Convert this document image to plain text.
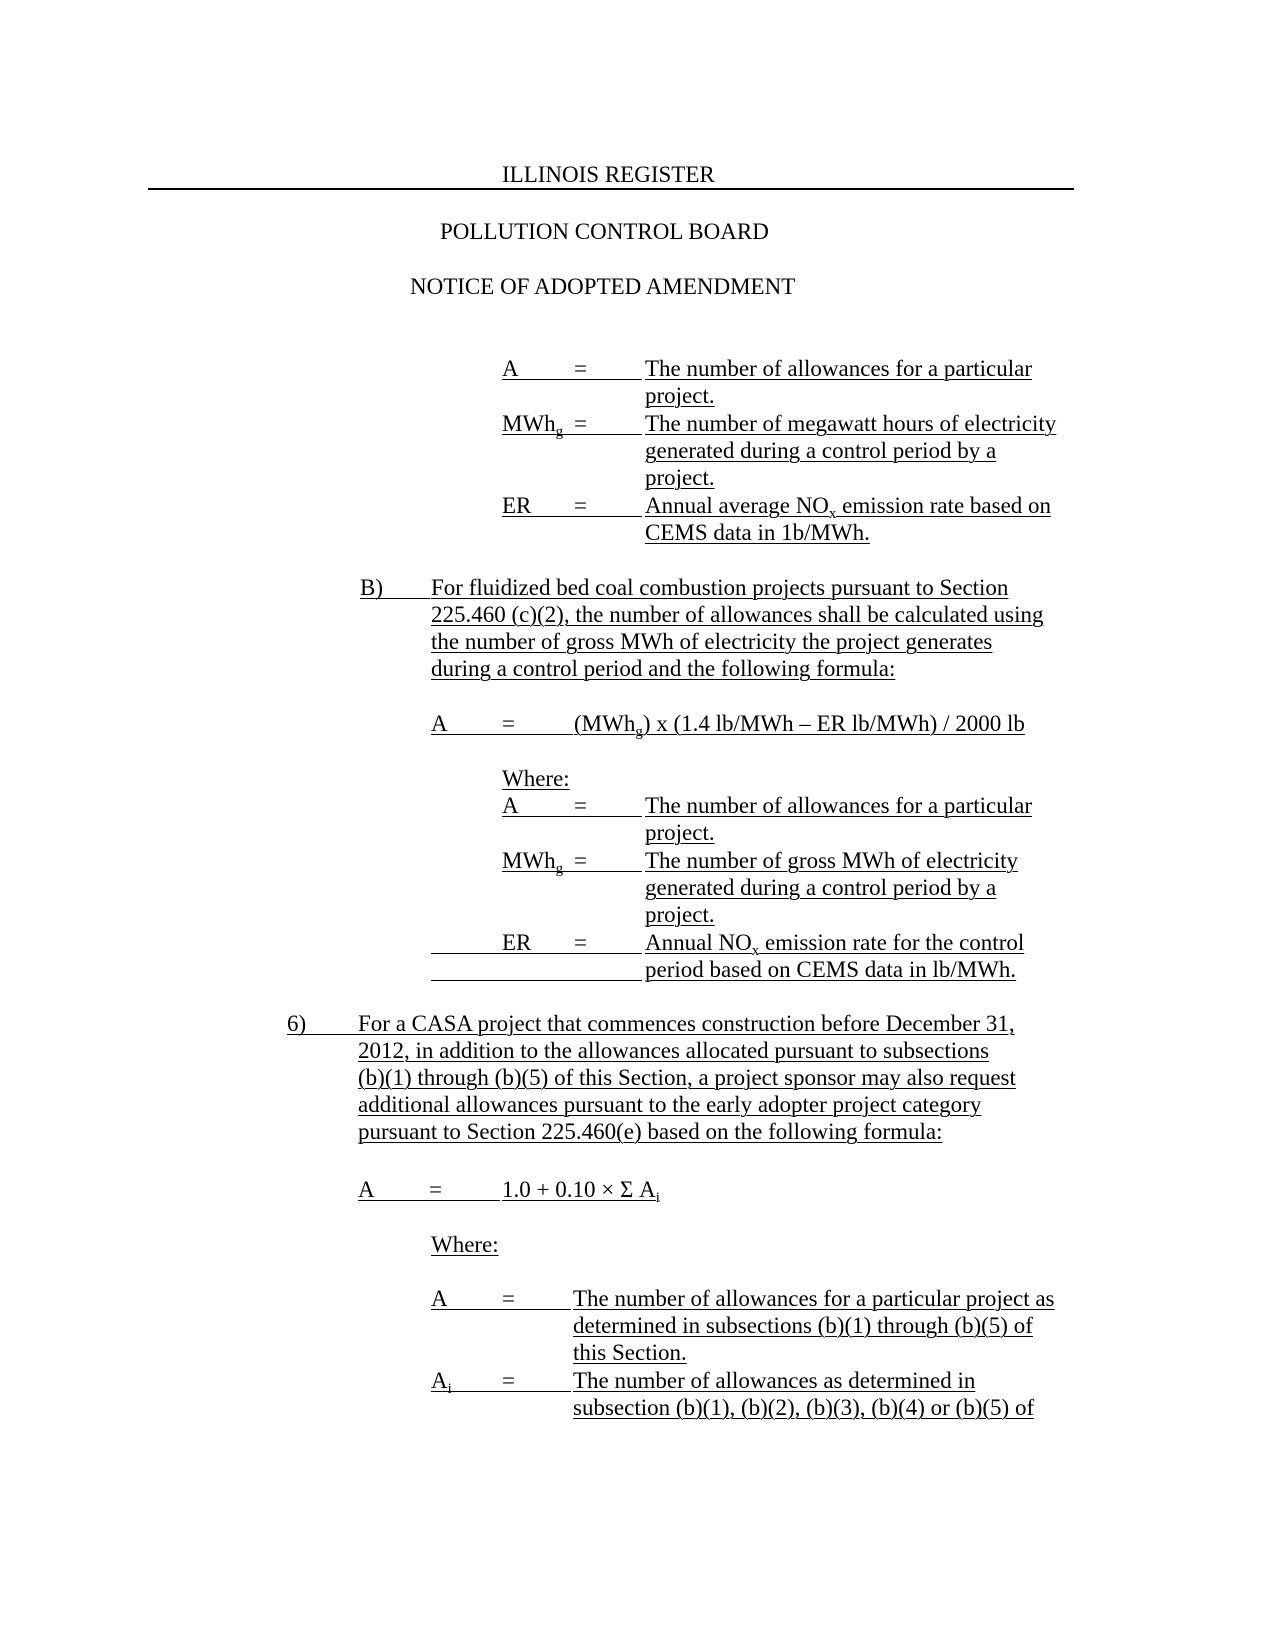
ILLINOIS REGISTER
POLLUTION CONTROL BOARD
NOTICE OF ADOPTED AMENDMENT
A =	The number of allowances for a particular
project.
MWh$_g$ =	The number of megawatt hours of electricity
generated during a control period by a
project.
ER =	Annual average $NO_x$ emission rate based on
CEMS data in 1b/MWh.
B) For fluidized bed coal combustion projects pursuant to Section
225.460 (c)(2), the number of allowances shall be calculated using
the number of gross MWh of electricity the project generates
during a control period and the following formula:
A =	(MWh$_g$) x (1.4 lb/MWh – ER lb/MWh) / 2000 lb
Where:
A =	The number of allowances for a particular
project.
MWh$_g$ =	The number of gross MWh of electricity
generated during a control period by a
project.
ER =	Annual $NO_x$ emission rate for the control
period based on CEMS data in lb/MWh.
6) For a CASA project that commences construction before December 31,
2012, in addition to the allowances allocated pursuant to subsections
(b)(1) through (b)(5) of this Section, a project sponsor may also request
additional allowances pursuant to the early adopter project category
pursuant to Section 225.460(e) based on the following formula:
A =	1.0 + 0.10 × Σ $A_i$
Where:
A =	The number of allowances for a particular project as
determined in subsections (b)(1) through (b)(5) of
this Section.
$A_i$ =	The number of allowances as determined in
subsection (b)(1), (b)(2), (b)(3), (b)(4) or (b)(5) of
